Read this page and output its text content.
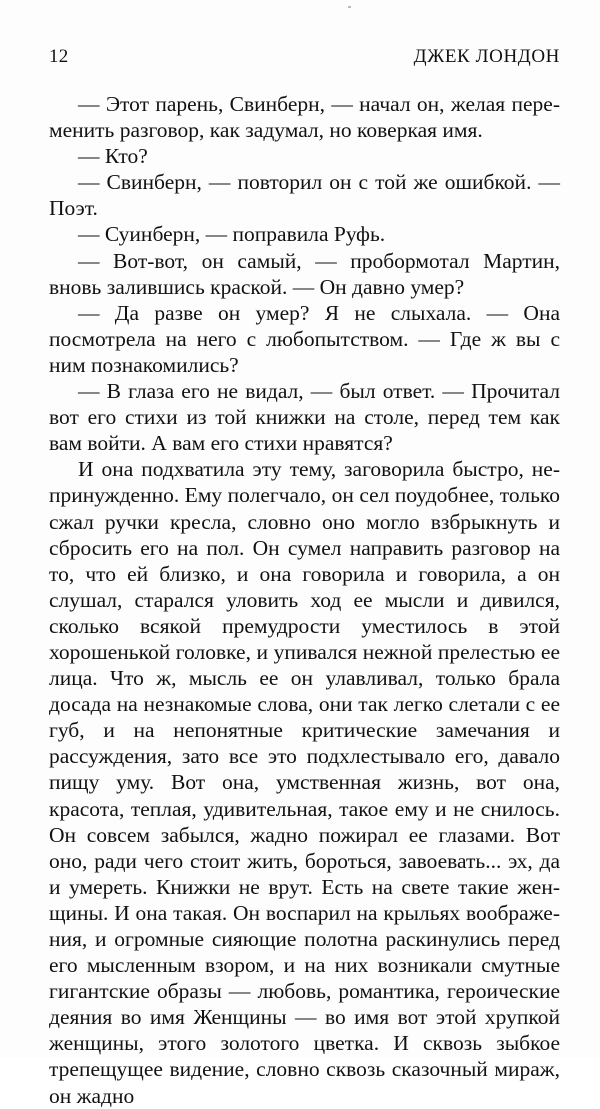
12	ДЖЕК ЛОНДОН

— Этот парень, Свинберн, — начал он, желая переменить разговор, как задумал, но коверкая имя.

— Кто?

— Свинберн, — повторил он с той же ошибкой. — Поэт.

— Суинберн, — поправила Руфь.

— Вот-вот, он самый, — пробормотал Мартин, вновь залившись краской. — Он давно умер?

— Да разве он умер? Я не слыхала. — Она посмотрела на него с любопытством. — Где ж вы с ним познакомились?

— В глаза его не видал, — был ответ. — Прочитал вот его стихи из той книжки на столе, перед тем как вам войти. А вам его стихи нравятся?

И она подхватила эту тему, заговорила быстро, непринужденно. Ему полегчало, он сел поудобнее, только сжал ручки кресла, словно оно могло взбрыкнуть и сбросить его на пол. Он сумел направить разговор на то, что ей близко, и она говорила и говорила, а он слушал, старался уловить ход ее мысли и дивился, сколько всякой премудрости уместилось в этой хорошенькой головке, и упивался нежной прелестью ее лица. Что ж, мысль ее он улавливал, только брала досада на незнакомые слова, они так легко слетали с ее губ, и на непонятные критические замечания и рассуждения, зато все это подхлестывало его, давало пищу уму. Вот она, умственная жизнь, вот она, красота, теплая, удивительная, такое ему и не снилось. Он совсем забылся, жадно пожирал ее глазами. Вот оно, ради чего стоит жить, бороться, завоевать... эх, да и умереть. Книжки не врут. Есть на свете такие женщины. И она такая. Он воспарил на крыльях воображения, и огромные сияющие полотна раскинулись перед его мысленным взором, и на них возникали смутные гигантские образы — любовь, романтика, героические деяния во имя Женщины — во имя вот этой хрупкой женщины, этого золотого цветка. И сквозь зыбкое трепещущее видение, словно сквозь сказочный мираж, он жадно
